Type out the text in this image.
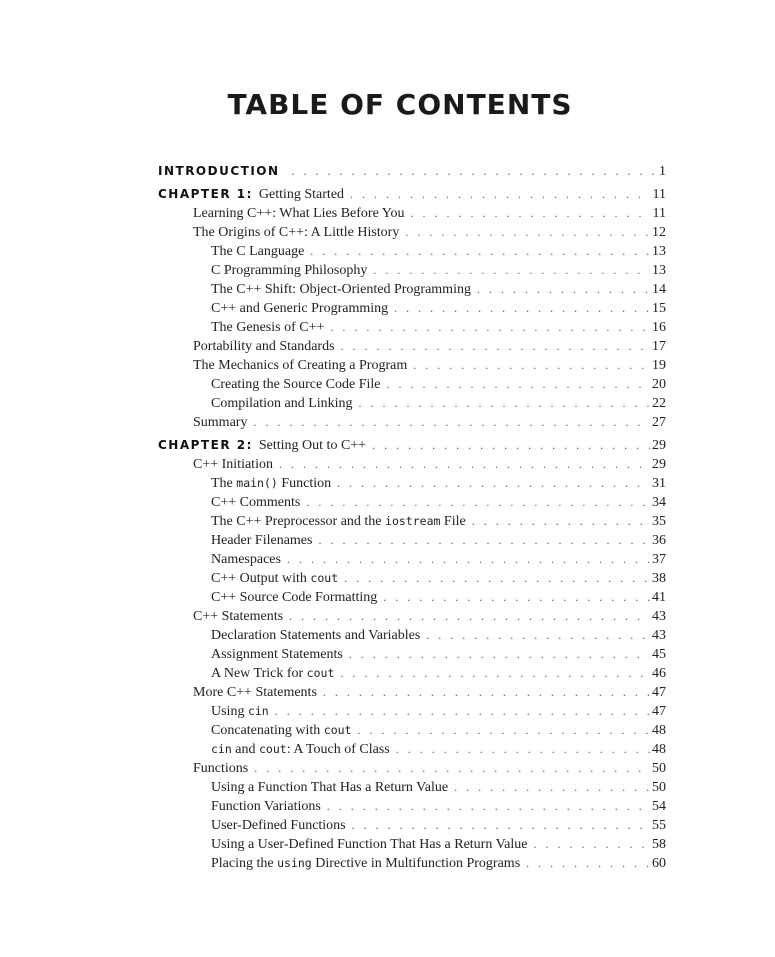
TABLE OF CONTENTS
INTRODUCTION . . .	1
CHAPTER 1: Getting Started . . .	11
Learning C++: What Lies Before You . . .	11
The Origins of C++: A Little History . . .	12
The C Language . . .	13
C Programming Philosophy . . .	13
The C++ Shift: Object-Oriented Programming . . .	14
C++ and Generic Programming . . .	15
The Genesis of C++ . . .	16
Portability and Standards . . .	17
The Mechanics of Creating a Program . . .	19
Creating the Source Code File . . .	20
Compilation and Linking . . .	22
Summary . . .	27
CHAPTER 2: Setting Out to C++ . . .	29
C++ Initiation . . .	29
The main() Function . . .	31
C++ Comments . . .	34
The C++ Preprocessor and the iostream File . . .	35
Header Filenames . . .	36
Namespaces . . .	37
C++ Output with cout . . .	38
C++ Source Code Formatting . . .	41
C++ Statements . . .	43
Declaration Statements and Variables . . .	43
Assignment Statements . . .	45
A New Trick for cout . . .	46
More C++ Statements . . .	47
Using cin . . .	47
Concatenating with cout . . .	48
cin and cout: A Touch of Class . . .	48
Functions . . .	50
Using a Function That Has a Return Value . . .	50
Function Variations . . .	54
User-Defined Functions . . .	55
Using a User-Defined Function That Has a Return Value . . .	58
Placing the using Directive in Multifunction Programs . . .	60
